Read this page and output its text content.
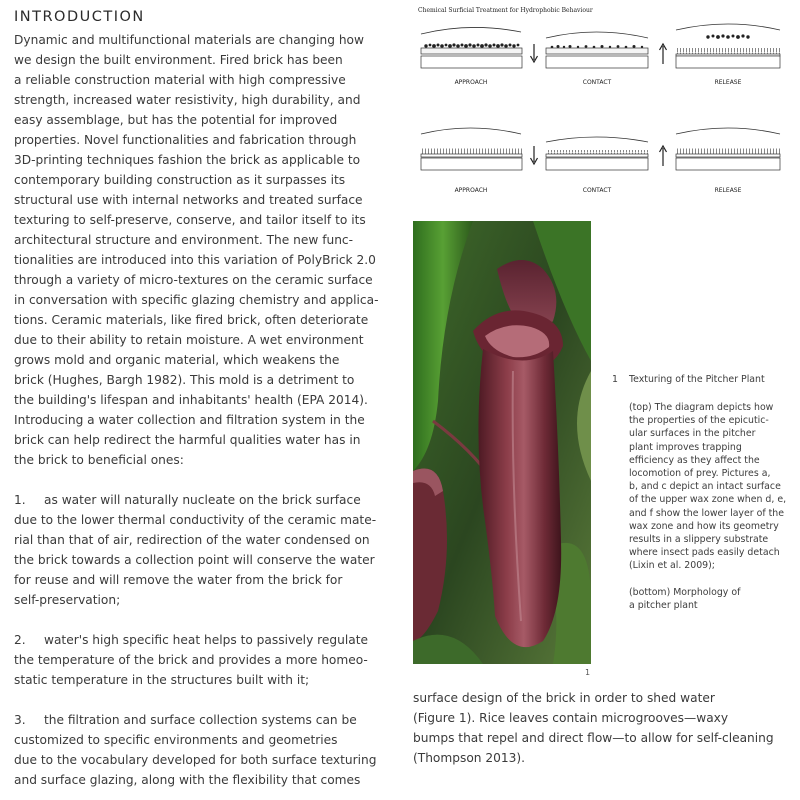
INTRODUCTION
Dynamic and multifunctional materials are changing how
we design the built environment. Fired brick has been
a reliable construction material with high compressive
strength, increased water resistivity, high durability, and
easy assemblage, but has the potential for improved
properties. Novel functionalities and fabrication through
3D-printing techniques fashion the brick as applicable to
contemporary building construction as it surpasses its
structural use with internal networks and treated surface
texturing to self-preserve, conserve, and tailor itself to its
architectural structure and environment. The new func-
tionalities are introduced into this variation of PolyBrick 2.0
through a variety of micro-textures on the ceramic surface
in conversation with specific glazing chemistry and applica-
tions. Ceramic materials, like fired brick, often deteriorate
due to their ability to retain moisture. A wet environment
grows mold and organic material, which weakens the
brick (Hughes, Bargh 1982). This mold is a detriment to
the building's lifespan and inhabitants' health (EPA 2014).
Introducing a water collection and filtration system in the
brick can help redirect the harmful qualities water has in
the brick to beneficial ones:
1. as water will naturally nucleate on the brick surface
due to the lower thermal conductivity of the ceramic mate-
rial than that of air, redirection of the water condensed on
the brick towards a collection point will conserve the water
for reuse and will remove the water from the brick for
self-preservation;
2. water's high specific heat helps to passively regulate
the temperature of the brick and provides a more homeo-
static temperature in the structures built with it;
3. the filtration and surface collection systems can be
customized to specific environments and geometries
due to the vocabulary developed for both surface texturing
and surface glazing, along with the flexibility that comes
Chemical Surficial Treatment for Hydrophobic Behaviour
APPROACH	CONTACT	RELEASE
APPROACH	CONTACT	RELEASE
1
1 Texturing of the Pitcher Plant

(top) The diagram depicts how

the properties of the epicutic-

ular surfaces in the pitcher

plant improves trapping

efficiency as they affect the

locomotion of prey. Pictures a,

b, and c depict an intact surface

of the upper wax zone when d, e,

and f show the lower layer of the

wax zone and how its geometry

results in a slippery substrate

where insect pads easily detach

(Lixin et al. 2009);

(bottom) Morphology of

a pitcher plant

surface design of the brick in order to shed water
(Figure 1). Rice leaves contain microgrooves—waxy
bumps that repel and direct flow—to allow for self-cleaning
(Thompson 2013).
